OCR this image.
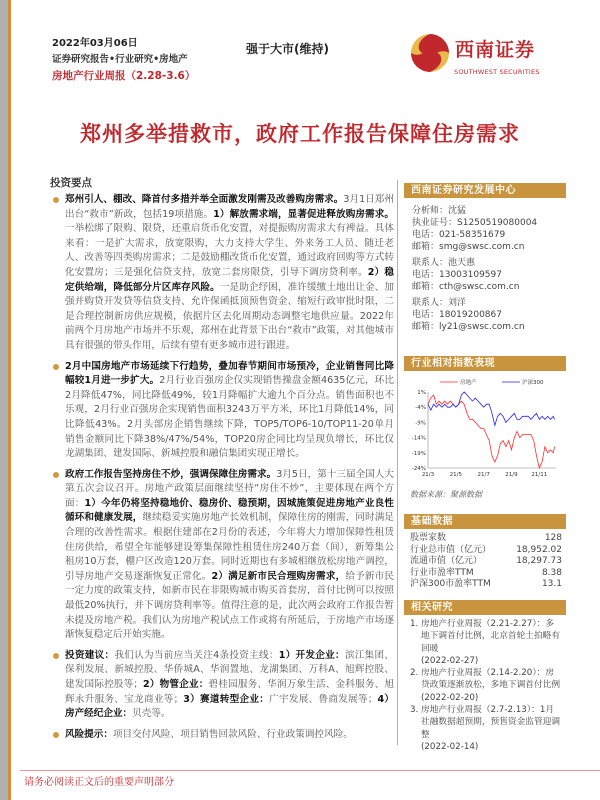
2022年03月06日
证券研究报告•行业研究•房地产
房地产行业周报（2.28-3.6）
强于大市(维持)	西南证券
SOUTHWEST SECURITIES
郑州多举措救市，政府工作报告保障住房需求
投资要点
郑州引人、棚改、降首付多措并举全面激发刚需及改善购房需求。3月1日郑州出台“救市”新政，包括19项措施。1）解放需求端，显著促进释放购房需求。一举松绑了限购、限贷，还重启货币化安置，对提振购房需求大有裨益。具体来看：一是扩大需求，放宽限购，大力支持大学生、外来务工人员、随迁老人、改善等四类购房需求；二是鼓励棚改货币化安置，通过政府回购等方式转化安置房；三是强化信贷支持，放宽二套房限贷，引导下调房贷利率。2）稳定供给端，降低部分片区库存风险。一是助企纾困，准许缓缴土地出让金、加强并购贷开发贷等信贷支持、允许保函抵顶预售资金、缩短行政审批时限，二是合理控制新房供应规模，依据片区去化周期动态调整宅地供应量。2022年前两个月房地产市场并不乐观，郑州在此背景下出台“救市”政策，对其他城市具有很强的带头作用，后续有望有更多城市进行跟进。
2月中国房地产市场延续下行趋势，叠加春节期间市场预冷，企业销售同比降幅较1月进一步扩大。2月行业百强房企仅实现销售操盘金额4635亿元，环比2月降低47%，同比降低49%，较1月降幅扩大逾九个百分点。销售面积也不乐观，2月行业百强房企实现销售面积3243万平方米，环比1月降低14%，同比降低43%。2月头部房企销售继续下降，TOP5/TOP6-10/TOP11-20单月销售金额同比下降38%/47%/54%，TOP20房企同比均呈现负增长，环比仅龙湖集团、建发国际、新城控股和融信集团实现正增长。
政府工作报告坚持房住不炒，强调保障住房需求。3月5日，第十三届全国人大第五次会议召开。房地产政策层面继续坚持“房住不炒”，主要体现在两个方面：1）今年仍将坚持稳地价、稳房价、稳预期，因城施策促进房地产业良性循环和健康发展，继续稳妥实施房地产长效机制，保障住房的刚需，同时满足合理的改善性需求。根据住建部在2月份的表述，今年将大力增加保障性租赁住房供给，希望全年能够建设筹集保障性租赁住房240万套（间），新筹集公租房10万套，棚户区改造120万套。同时近期也有多城相继放松房地产调控，引导房地产交易逐渐恢复正常化。2）满足新市民合理购房需求，给予新市民一定力度的政策支持，如新市民在非限购城市购买首套房，首付比例可以按照最低20%执行，并下调房贷利率等。值得注意的是，此次两会政府工作报告暂未提及房地产税。我们认为房地产税试点工作或将有所延后，于房地产市场逐渐恢复稳定后开始实施。
投资建议：我们认为当前应当关注4条投资主线：1）开发企业：滨江集团、保利发展、新城控股、华侨城A、华润置地、龙湖集团、万科A、旭辉控股、建发国际控股等；2）物管企业：碧桂园服务、华润万象生活、金科服务、旭辉永升服务、宝龙商业等；3）赛道转型企业：广宇发展、鲁商发展等；4）房产经纪企业：贝壳等。
风险提示：项目交付风险、项目销售回款风险、行业政策调控风险。
西南证券研究发展中心
分析师：沈猛
执业证号：S1250519080004
电话：021-58351679
邮箱：smg@swsc.com.cn
联系人：池天惠
电话：13003109597
邮箱：cth@swsc.com.cn
联系人：刘洋
电话：18019200867
邮箱：ly21@swsc.com.cn
行业相对指数表现
1%
-4%
-9%
-14%
-19%
-24%
21/3	21/5	21/7	21/9 21/11
房地产	沪深300
数据来源：聚源数据
基础数据
股票家数	128
行业总市值（亿元）	18,952.02
流通市值（亿元）	18,297.73
行业市盈率TTM	8.38
沪深300市盈率TTM	13.1
相关研究
1. 房地产行业周报（2.21-2.27）：多地下调首付比例，北京首轮土拍略有回暖
(2022-02-27)
2. 房地产行业周报（2.14-2.20）：房贷政策逐渐放松，多地下调首付比例
(2022-02-20)
3. 房地产行业周报（2.7-2.13）：1月社融数据超预期，预售资金监管迎调整
(2022-02-14)
请务必阅读正文后的重要声明部分
